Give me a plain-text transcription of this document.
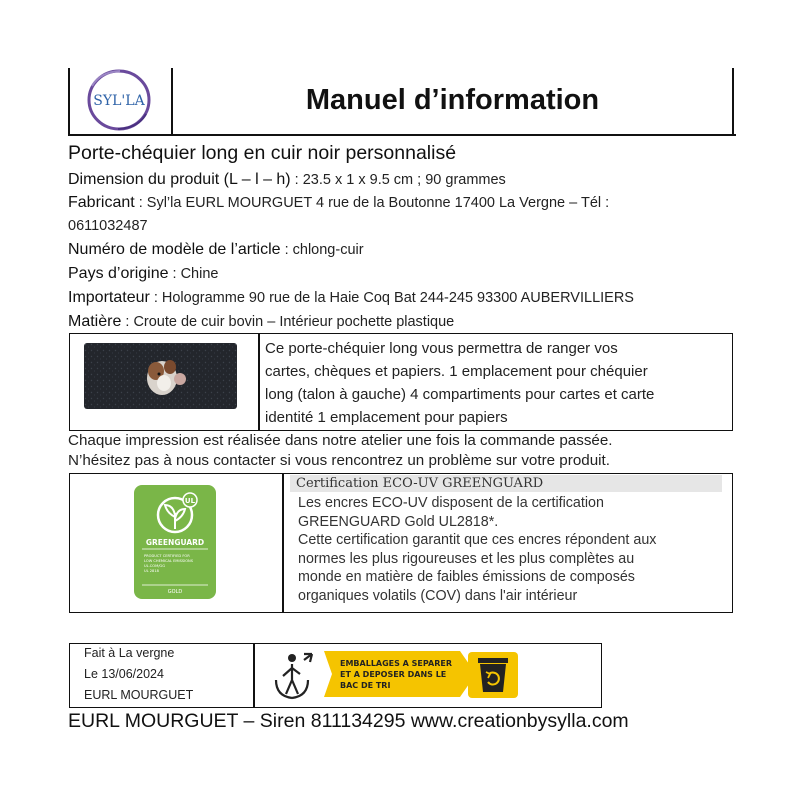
SYL'LA	Manuel d’information
Porte-chéquier long en cuir noir personnalisé
Dimension du produit (L – l – h) : 23.5 x 1 x 9.5 cm ; 90 grammes
Fabricant : Syl’la EURL MOURGUET 4 rue de la Boutonne 17400 La Vergne – Tél :
0611032487
Numéro de modèle de l’article : chlong-cuir
Pays d’origine : Chine
Importateur : Hologramme 90 rue de la Haie Coq Bat 244-245 93300 AUBERVILLIERS
Matière : Croute de cuir bovin – Intérieur pochette plastique
Ce porte-chéquier long vous permettra de ranger vos
cartes, chèques et papiers. 1 emplacement pour chéquier
long (talon à gauche) 4 compartiments pour cartes et carte
identité 1 emplacement pour papiers
Chaque impression est réalisée dans notre atelier une fois la commande passée.
N’hésitez pas à nous contacter si vous rencontrez un problème sur votre produit.
UL
GREENGUARD
PRODUCT CERTIFIED FOR
LOW CHEMICAL EMISSIONS
UL.COM/GG
UL 2818
GOLD
Certification ECO-UV GREENGUARD
Les encres ECO-UV disposent de la certification
GREENGUARD Gold UL2818*.
Cette certification garantit que ces encres répondent aux
normes les plus rigoureuses et les plus complètes au
monde en matière de faibles émissions de composés
organiques volatils (COV) dans l'air intérieur
Fait à La vergne
Le 13/06/2024
EURL MOURGUET
EMBALLAGES A SEPARER
ET A DEPOSER DANS LE
BAC DE TRI
EURL MOURGUET – Siren 811134295 www.creationbysylla.com
